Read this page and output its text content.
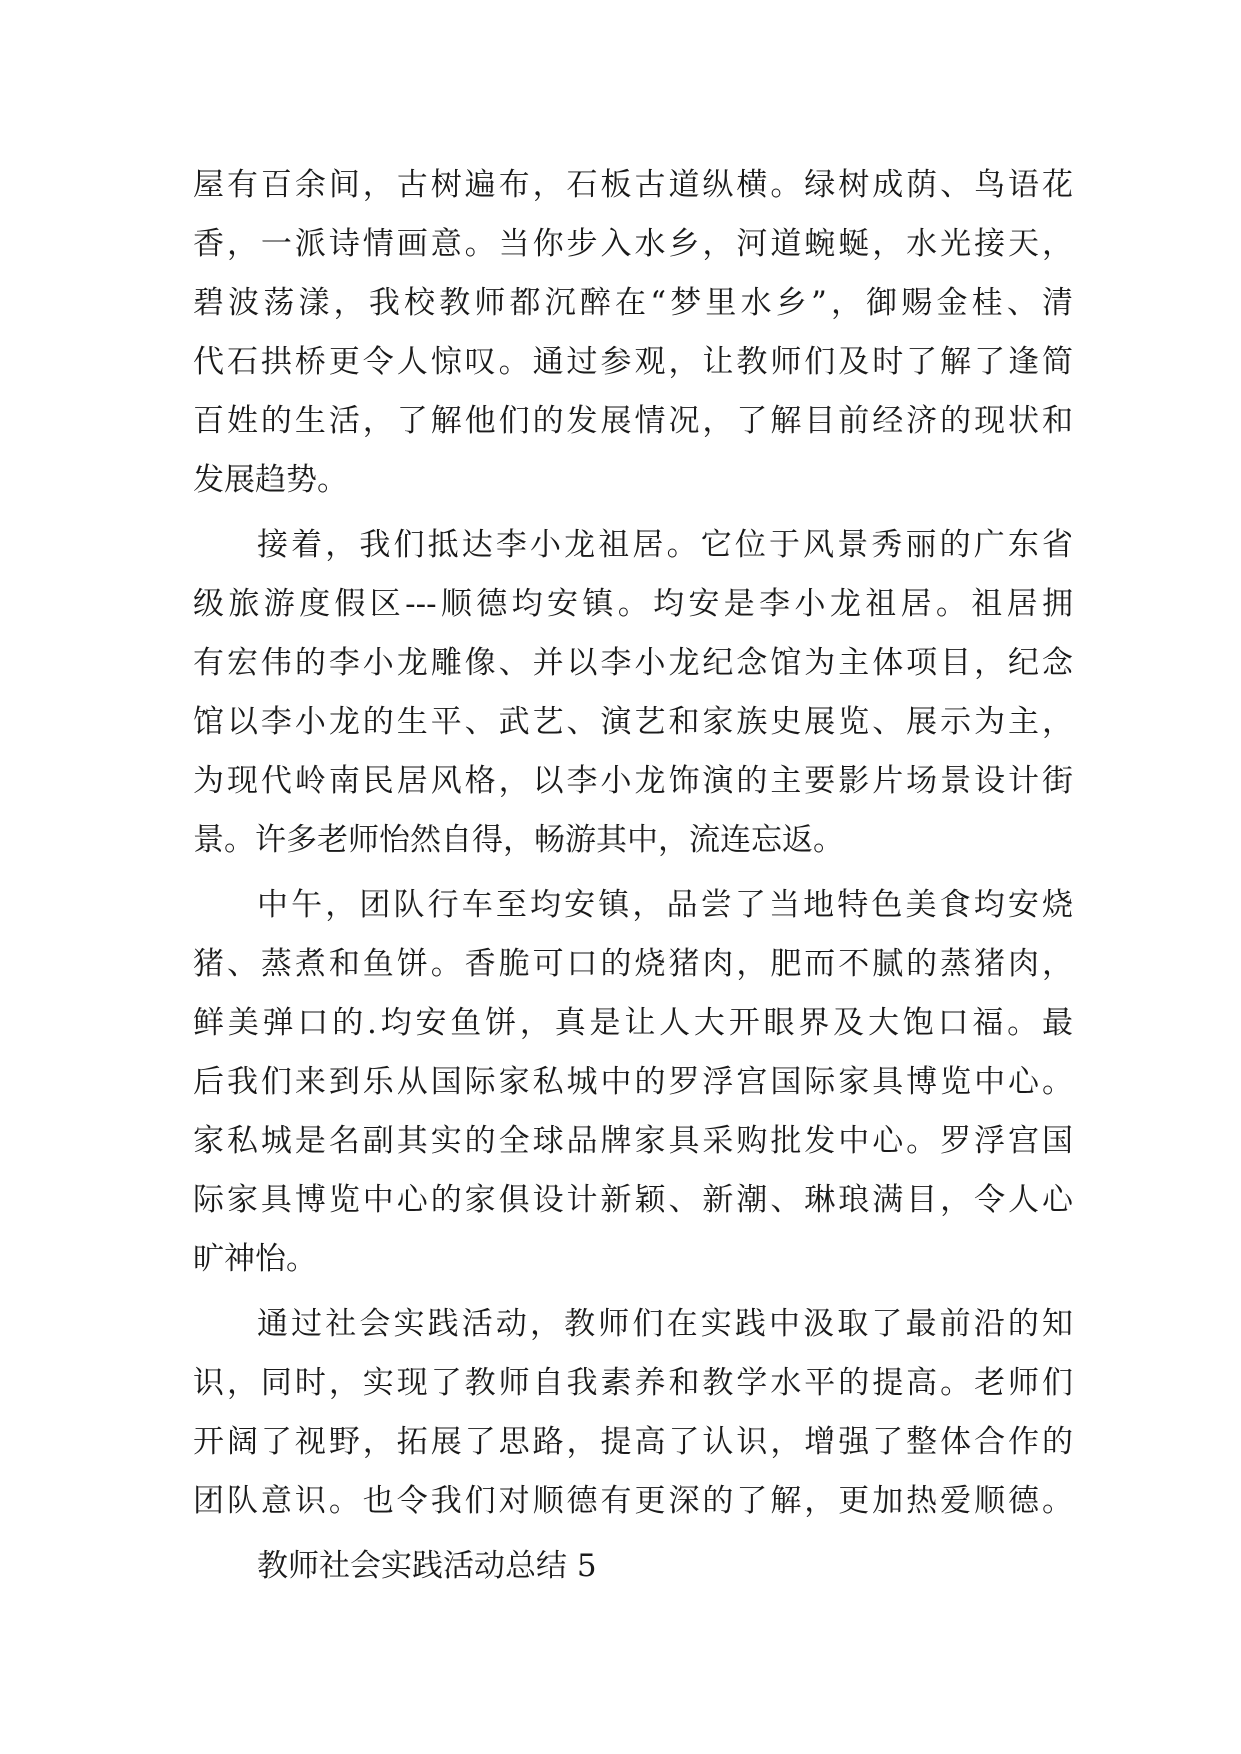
屋有百余间，古树遍布，石板古道纵横。绿树成荫、鸟语花
香，一派诗情画意。当你步入水乡，河道蜿蜒，水光接天，
碧波荡漾，我校教师都沉醉在“梦里水乡”，御赐金桂、清
代石拱桥更令人惊叹。通过参观，让教师们及时了解了逢简
百姓的生活，了解他们的发展情况，了解目前经济的现状和
发展趋势。
接着，我们抵达李小龙祖居。它位于风景秀丽的广东省
级旅游度假区---顺德均安镇。均安是李小龙祖居。祖居拥
有宏伟的李小龙雕像、并以李小龙纪念馆为主体项目，纪念
馆以李小龙的生平、武艺、演艺和家族史展览、展示为主，
为现代岭南民居风格，以李小龙饰演的主要影片场景设计街
景。许多老师怡然自得，畅游其中，流连忘返。
中午，团队行车至均安镇，品尝了当地特色美食均安烧
猪、蒸煮和鱼饼。香脆可口的烧猪肉，肥而不腻的蒸猪肉，
鲜美弹口的.均安鱼饼，真是让人大开眼界及大饱口福。最
后我们来到乐从国际家私城中的罗浮宫国际家具博览中心。
家私城是名副其实的全球品牌家具采购批发中心。罗浮宫国
际家具博览中心的家俱设计新颖、新潮、琳琅满目，令人心
旷神怡。
通过社会实践活动，教师们在实践中汲取了最前沿的知
识，同时，实现了教师自我素养和教学水平的提高。老师们
开阔了视野，拓展了思路，提高了认识，增强了整体合作的
团队意识。也令我们对顺德有更深的了解，更加热爱顺德。
教师社会实践活动总结 5
